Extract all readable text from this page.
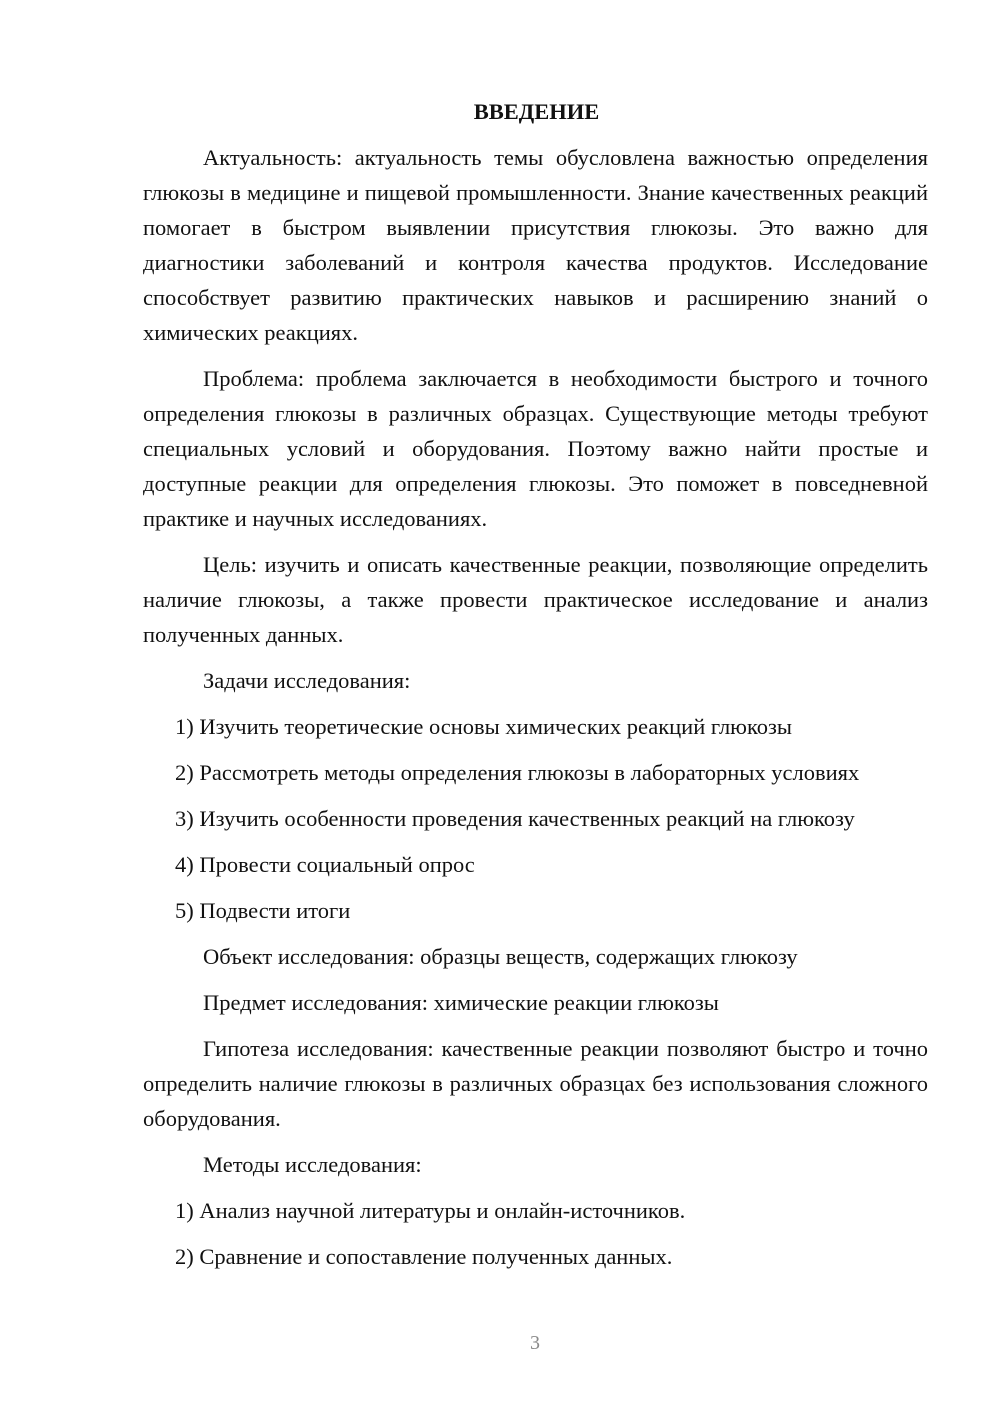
ВВЕДЕНИЕ

Актуальность: актуальность темы обусловлена важностью определения глюкозы в медицине и пищевой промышленности. Знание качественных реакций помогает в быстром выявлении присутствия глюкозы. Это важно для диагностики заболеваний и контроля качества продуктов. Исследование способствует развитию практических навыков и расширению знаний о химических реакциях.

Проблема: проблема заключается в необходимости быстрого и точного определения глюкозы в различных образцах. Существующие методы требуют специальных условий и оборудования. Поэтому важно найти простые и доступные реакции для определения глюкозы. Это поможет в повседневной практике и научных исследованиях.

Цель: изучить и описать качественные реакции, позволяющие определить наличие глюкозы, а также провести практическое исследование и анализ полученных данных.

Задачи исследования:

1) Изучить теоретические основы химических реакций глюкозы

2) Рассмотреть методы определения глюкозы в лабораторных условиях

3) Изучить особенности проведения качественных реакций на глюкозу

4) Провести социальный опрос

5) Подвести итоги

Объект исследования: образцы веществ, содержащих глюкозу

Предмет исследования: химические реакции глюкозы

Гипотеза исследования: качественные реакции позволяют быстро и точно определить наличие глюкозы в различных образцах без использования сложного оборудования.

Методы исследования:

1) Анализ научной литературы и онлайн-источников.

2) Сравнение и сопоставление полученных данных.

3
